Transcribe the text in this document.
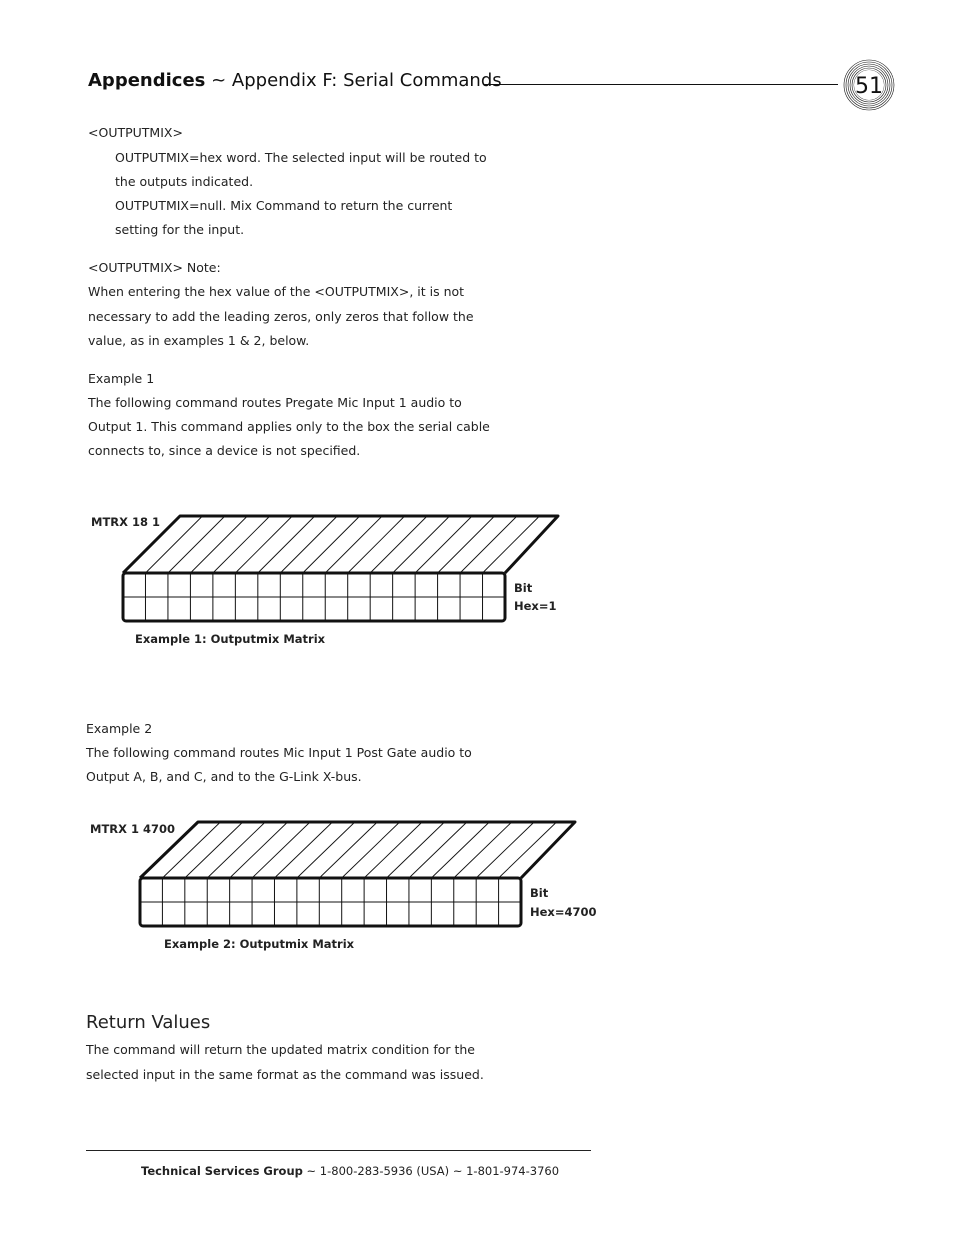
Appendices ~ Appendix F: Serial Commands	51
<OUTPUTMIX>
OUTPUTMIX=hex word. The selected input will be routed to
the outputs indicated.
OUTPUTMIX=null. Mix Command to return the current
setting for the input.
<OUTPUTMIX> Note:
When entering the hex value of the <OUTPUTMIX>, it is not
necessary to add the leading zeros, only zeros that follow the
value, as in examples 1 & 2, below.
Example 1
The following command routes Pregate Mic Input 1 audio to
Output 1. This command applies only to the box the serial cable
connects to, since a device is not specified.
MTRX 18 1
Bit
Hex=1
Example 1: Outputmix Matrix
Example 2
The following command routes Mic Input 1 Post Gate audio to
Output A, B, and C, and to the G-Link X-bus.
MTRX 1 4700
Bit
Hex=4700
Example 2: Outputmix Matrix
Return Values
The command will return the updated matrix condition for the
selected input in the same format as the command was issued.
Technical Services Group ~ 1-800-283-5936 (USA) ~ 1-801-974-3760
